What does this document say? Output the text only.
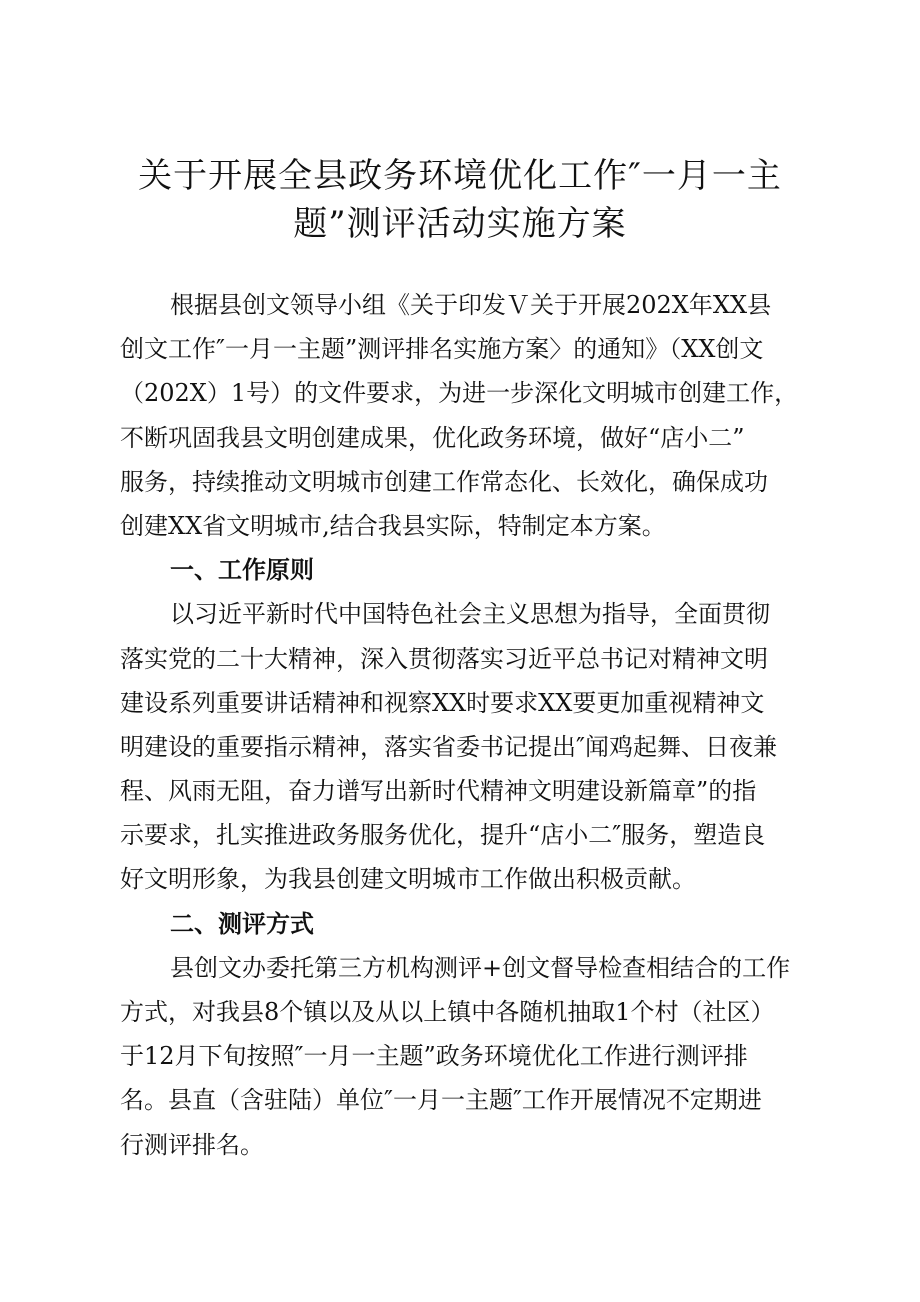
关于开展全县政务环境优化工作″一月一主
题”测评活动实施方案
根据县创文领导小组《关于印发Ｖ关于开展202X年XX县
创文工作″一月一主题”测评排名实施方案〉的通知》（XX创文
（202X）1号）的文件要求，为进一步深化文明城市创建工作，
不断巩固我县文明创建成果，优化政务环境，做好“店小二”
服务，持续推动文明城市创建工作常态化、长效化，确保成功
创建XX省文明城市,结合我县实际，特制定本方案。
一、工作原则
以习近平新时代中国特色社会主义思想为指导，全面贯彻
落实党的二十大精神，深入贯彻落实习近平总书记对精神文明
建设系列重要讲话精神和视察XX时要求XX要更加重视精神文
明建设的重要指示精神，落实省委书记提出″闻鸡起舞、日夜兼
程、风雨无阻，奋力谱写出新时代精神文明建设新篇章”的指
示要求，扎实推进政务服务优化，提升“店小二″服务，塑造良
好文明形象，为我县创建文明城市工作做出积极贡献。
二、测评方式
县创文办委托第三方机构测评+创文督导检查相结合的工作
方式，对我县8个镇以及从以上镇中各随机抽取1个村（社区）
于12月下旬按照″一月一主题”政务环境优化工作进行测评排
名。县直（含驻陆）单位″一月一主题″工作开展情况不定期进
行测评排名。
